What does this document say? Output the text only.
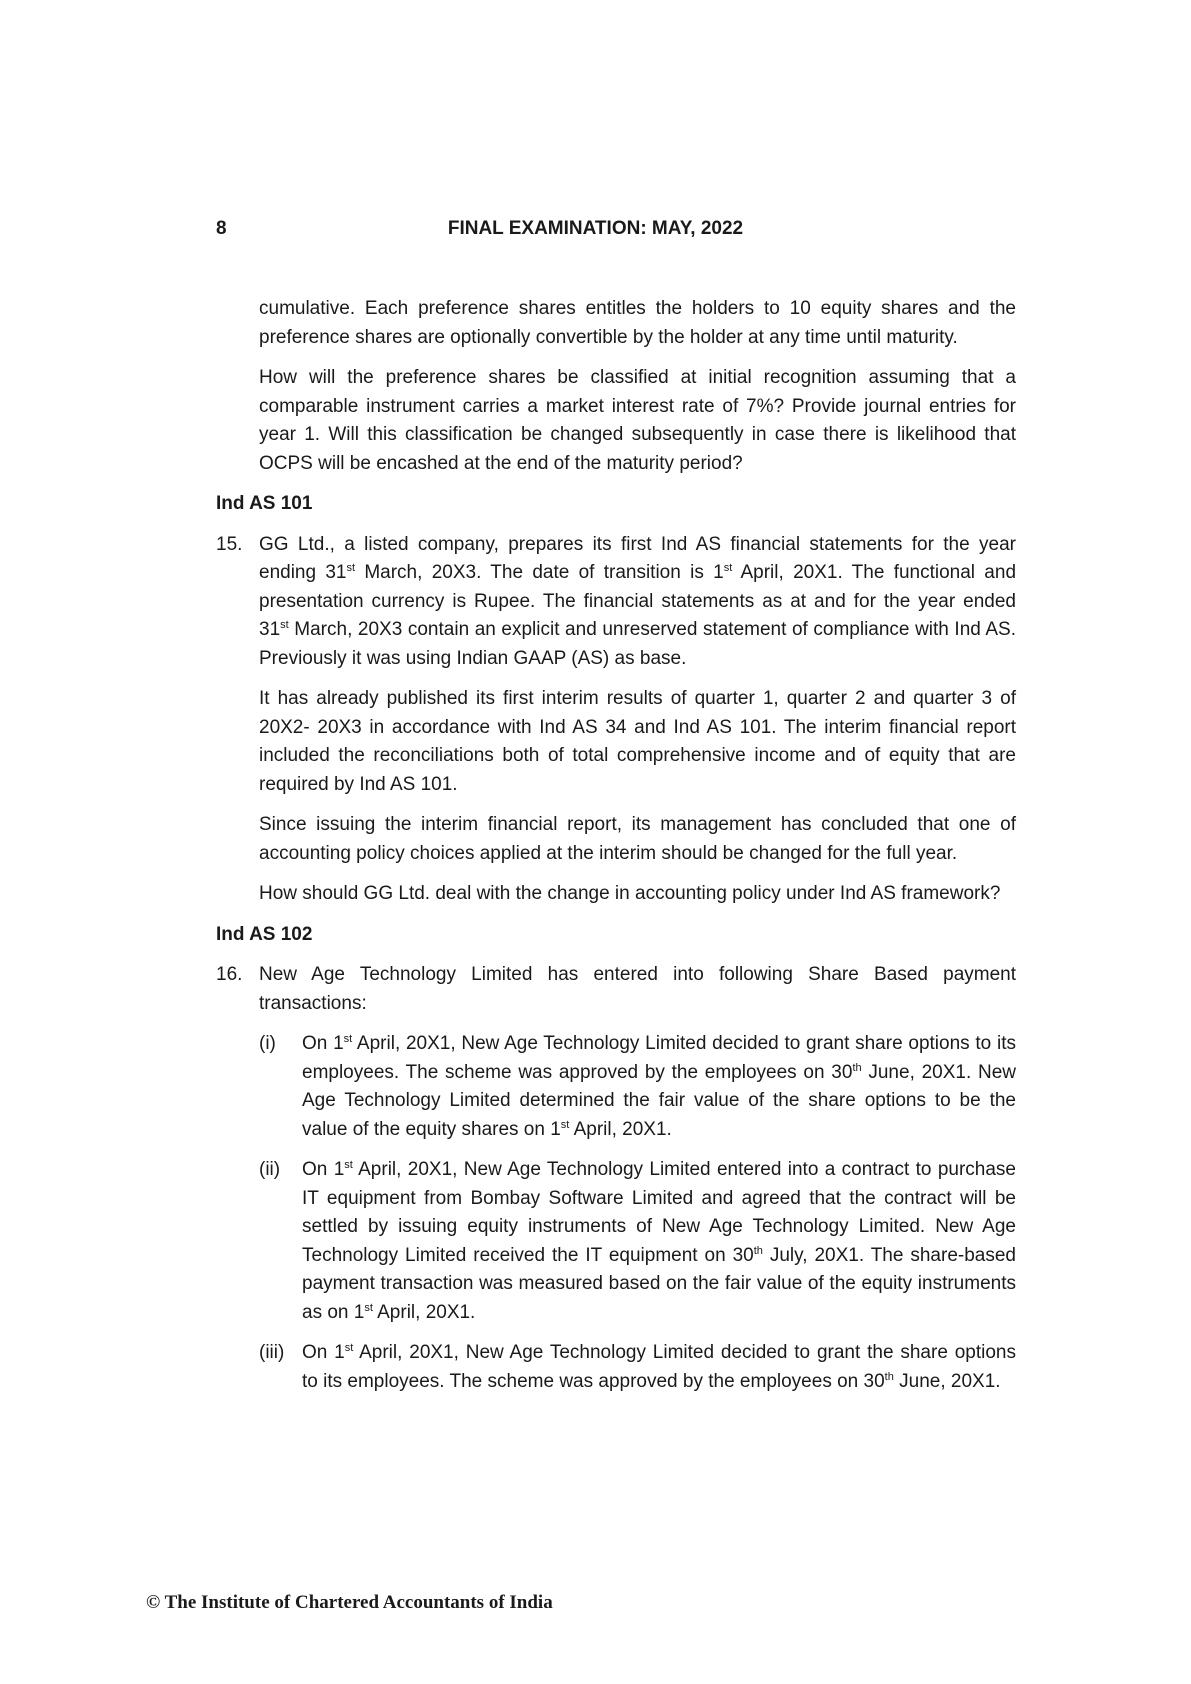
8	FINAL EXAMINATION: MAY, 2022

cumulative. Each preference shares entitles the holders to 10 equity shares and the preference shares are optionally convertible by the holder at any time until maturity.

How will the preference shares be classified at initial recognition assuming that a comparable instrument carries a market interest rate of 7%? Provide journal entries for year 1. Will this classification be changed subsequently in case there is likelihood that OCPS will be encashed at the end of the maturity period?

Ind AS 101
15. GG Ltd., a listed company, prepares its first Ind AS financial statements for the year ending 31st March, 20X3. The date of transition is 1st April, 20X1. The functional and presentation currency is Rupee. The financial statements as at and for the year ended 31st March, 20X3 contain an explicit and unreserved statement of compliance with Ind AS. Previously it was using Indian GAAP (AS) as base.

It has already published its first interim results of quarter 1, quarter 2 and quarter 3 of 20X2- 20X3 in accordance with Ind AS 34 and Ind AS 101. The interim financial report included the reconciliations both of total comprehensive income and of equity that are required by Ind AS 101.

Since issuing the interim financial report, its management has concluded that one of accounting policy choices applied at the interim should be changed for the full year.

How should GG Ltd. deal with the change in accounting policy under Ind AS framework?

Ind AS 102
16. New Age Technology Limited has entered into following Share Based payment transactions:

(i) On 1st April, 20X1, New Age Technology Limited decided to grant share options to its employees. The scheme was approved by the employees on 30th June, 20X1. New Age Technology Limited determined the fair value of the share options to be the value of the equity shares on 1st April, 20X1.

(ii) On 1st April, 20X1, New Age Technology Limited entered into a contract to purchase IT equipment from Bombay Software Limited and agreed that the contract will be settled by issuing equity instruments of New Age Technology Limited. New Age Technology Limited received the IT equipment on 30th July, 20X1. The share-based payment transaction was measured based on the fair value of the equity instruments as on 1st April, 20X1.

(iii) On 1st April, 20X1, New Age Technology Limited decided to grant the share options to its employees. The scheme was approved by the employees on 30th June, 20X1.

© The Institute of Chartered Accountants of India
